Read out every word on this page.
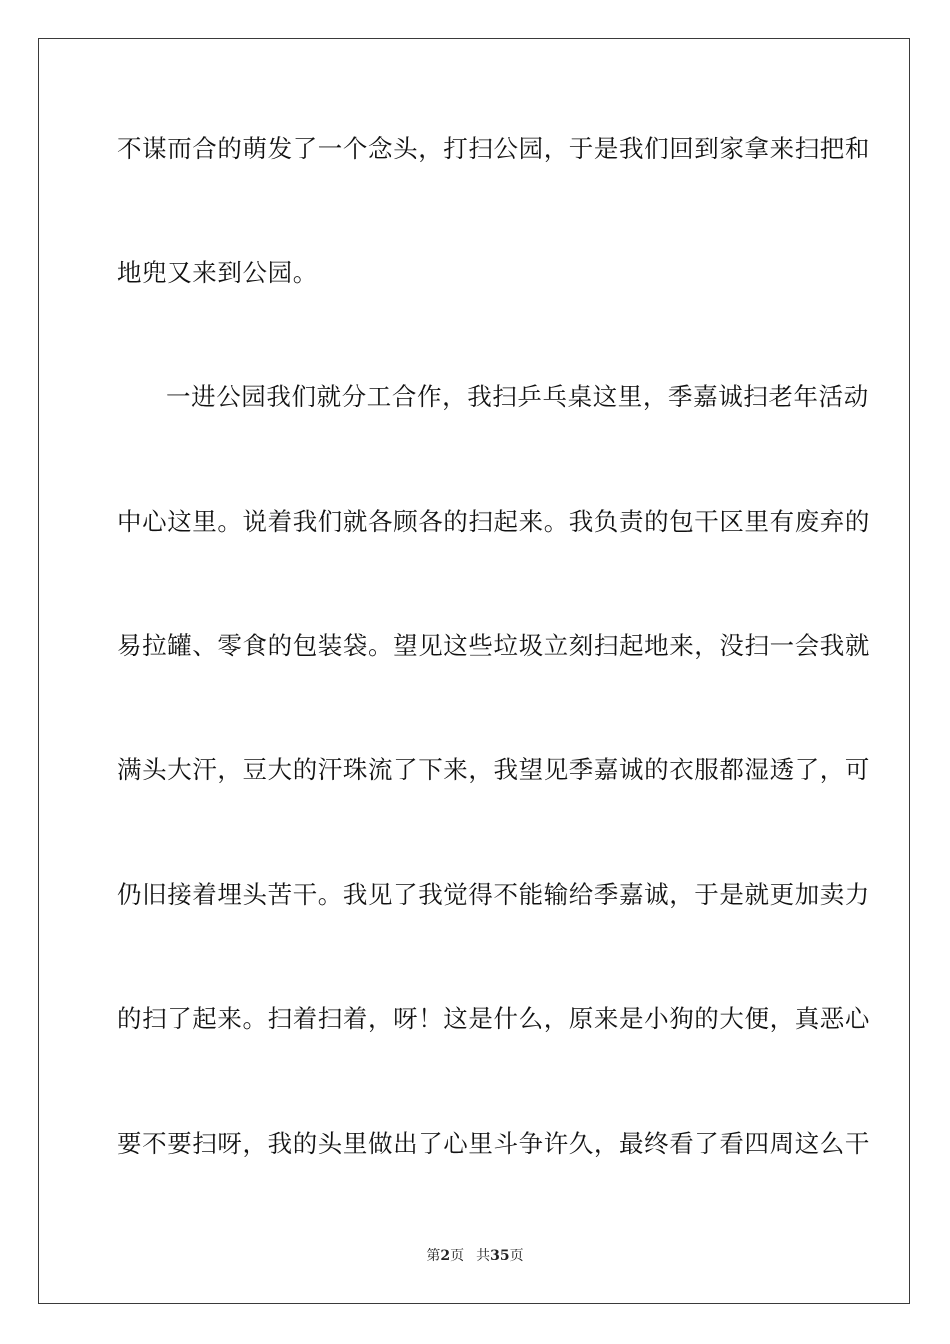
不谋而合的萌发了一个念头，打扫公园，于是我们回到家拿来扫把和
地兜又来到公园。
一进公园我们就分工合作，我扫乒乓桌这里，季嘉诚扫老年活动
中心这里。说着我们就各顾各的扫起来。我负责的包干区里有废弃的
易拉罐、零食的包装袋。望见这些垃圾立刻扫起地来，没扫一会我就
满头大汗，豆大的汗珠流了下来，我望见季嘉诚的衣服都湿透了，可
仍旧接着埋头苦干。我见了我觉得不能输给季嘉诚，于是就更加卖力
的扫了起来。扫着扫着，呀！这是什么，原来是小狗的大便，真恶心
要不要扫呀，我的头里做出了心里斗争许久，最终看了看四周这么干
第2页 共35页
